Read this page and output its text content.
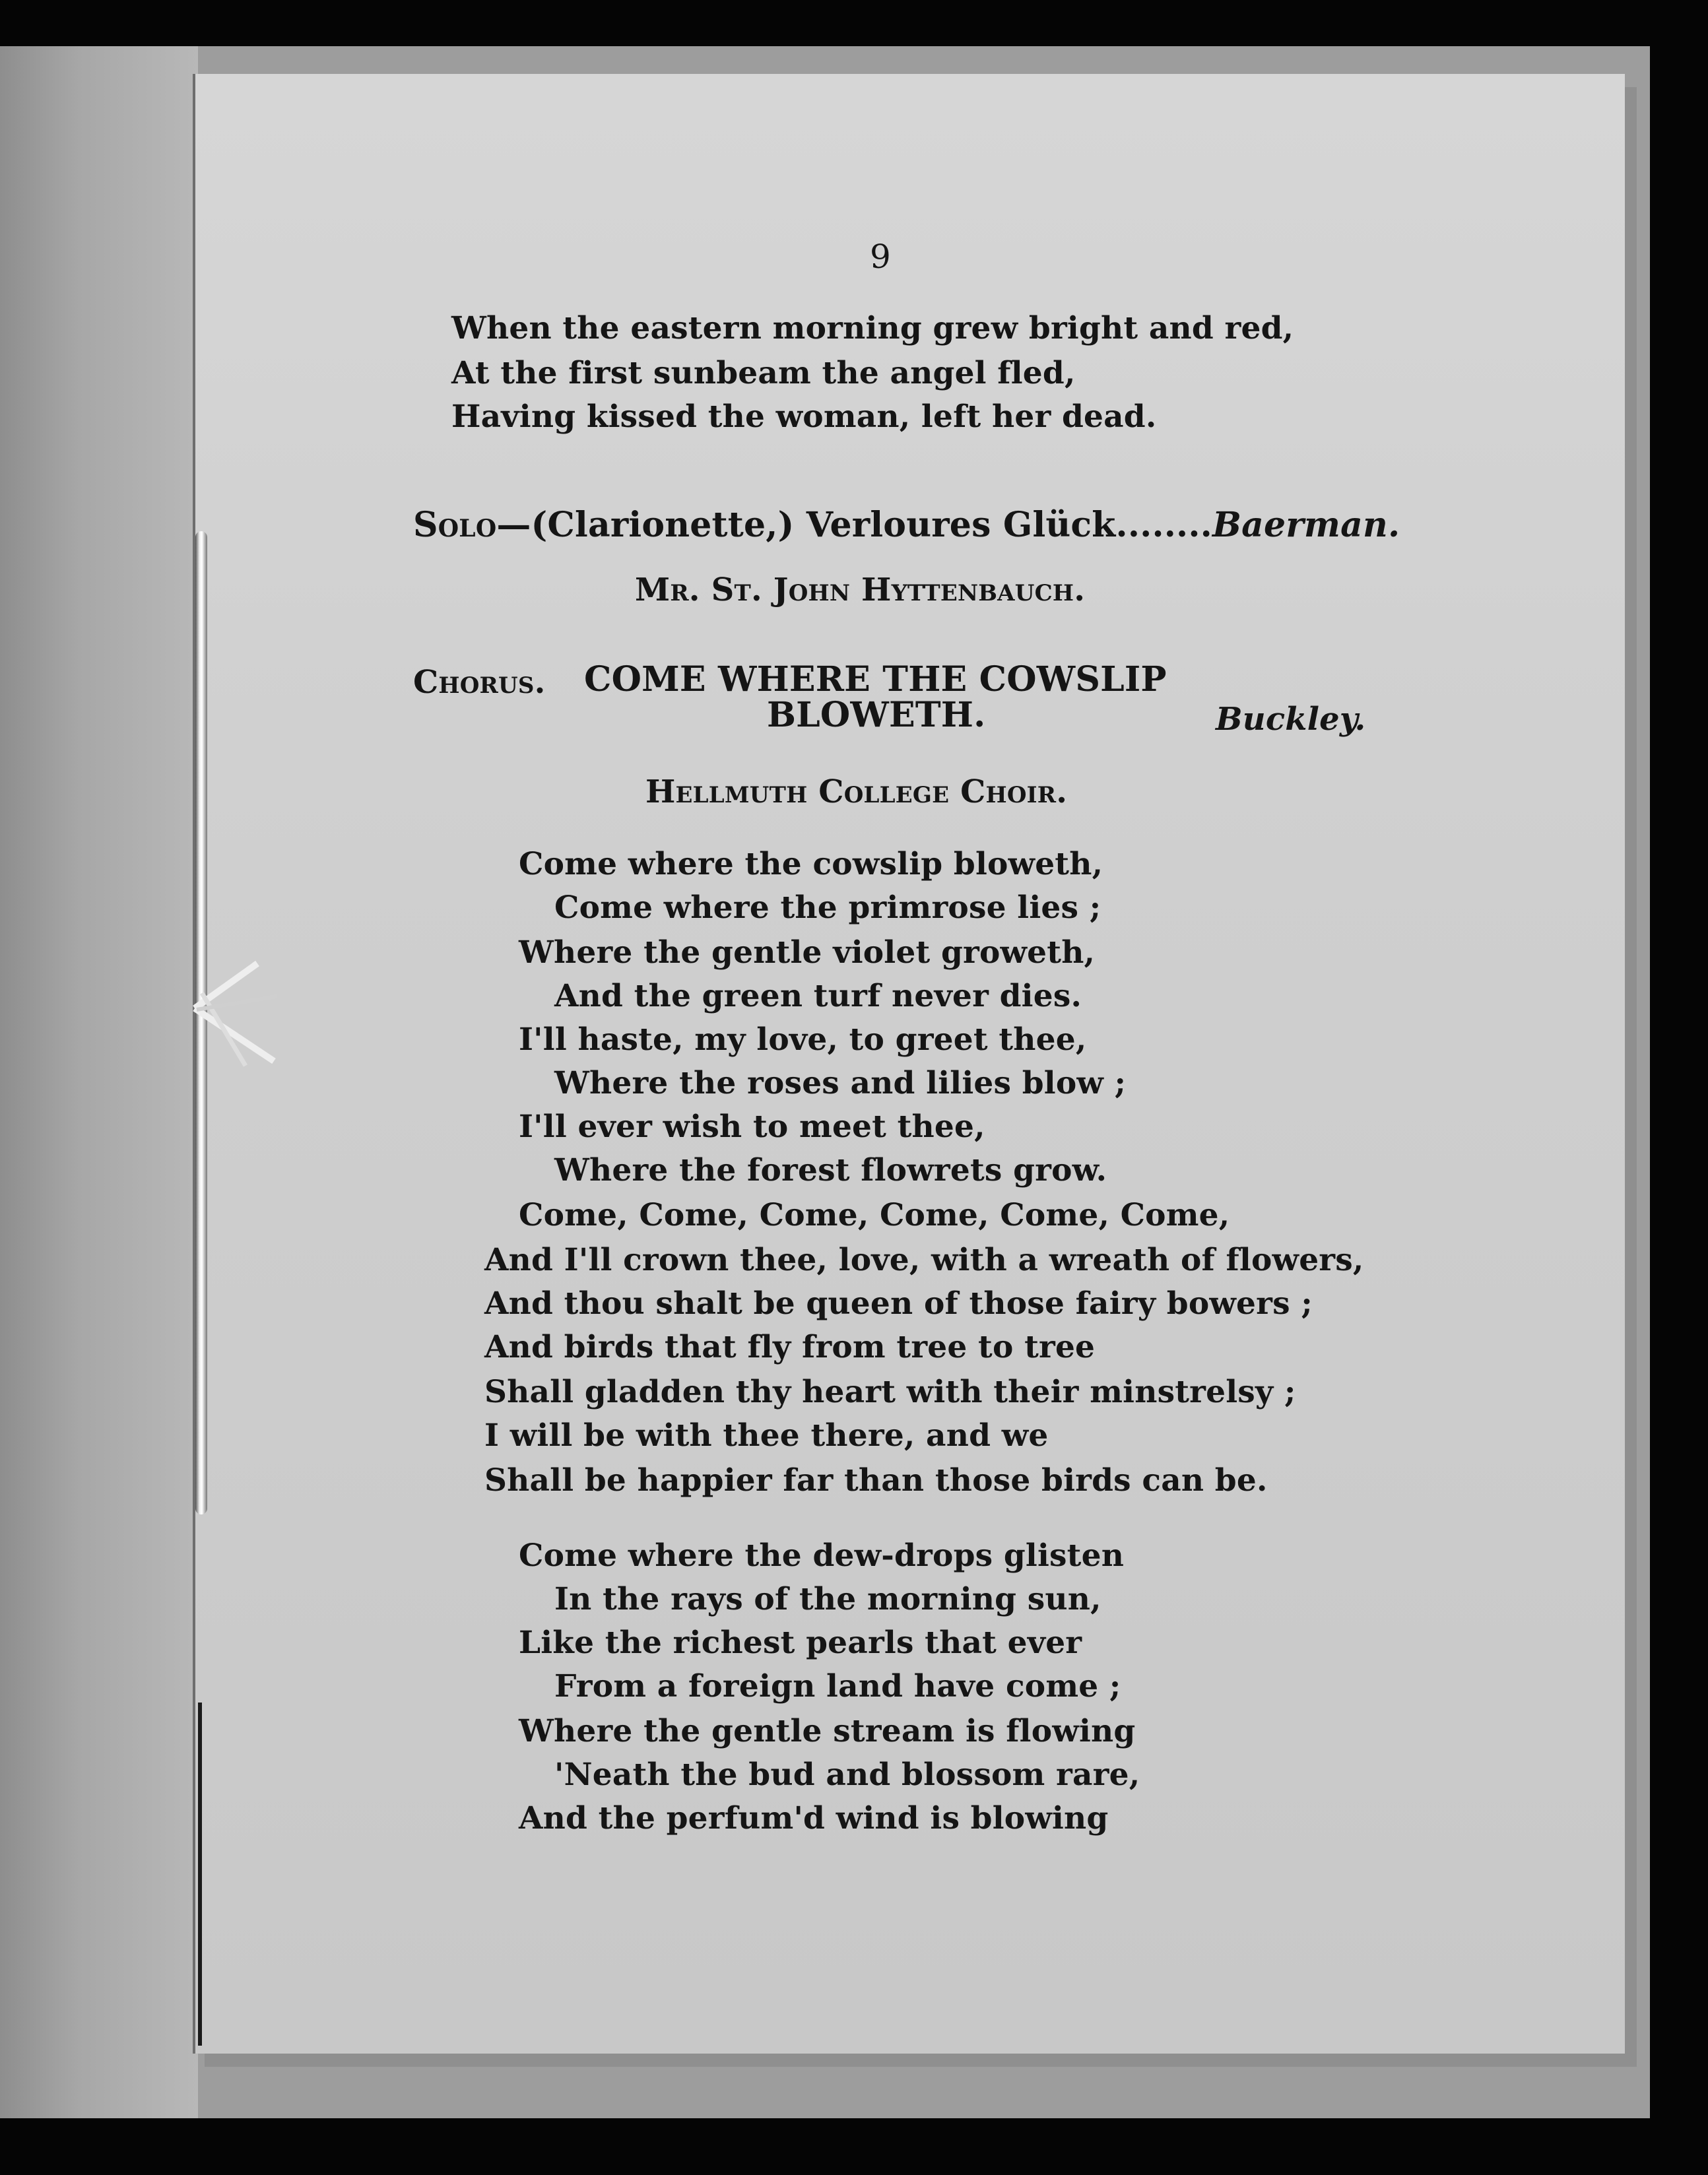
9
When the eastern morning grew bright and red,
At the first sunbeam the angel fled,
Having kissed the woman, left her dead.
Solo—(Clarionette,) Verloures Glück........Baerman.
Mr. St. John Hyttenbauch.
Chorus. COME WHERE THE COWSLIP
BLOWETH.	Buckley.
Hellmuth College Choir.
Come where the cowslip bloweth,
Come where the primrose lies ;
Where the gentle violet groweth,
And the green turf never dies.
I'll haste, my love, to greet thee,
Where the roses and lilies blow ;
I'll ever wish to meet thee,
Where the forest flowrets grow.
Come, Come, Come, Come, Come, Come,
And I'll crown thee, love, with a wreath of flowers,
And thou shalt be queen of those fairy bowers ;
And birds that fly from tree to tree
Shall gladden thy heart with their minstrelsy ;
I will be with thee there, and we
Shall be happier far than those birds can be.
Come where the dew-drops glisten
In the rays of the morning sun,
Like the richest pearls that ever
From a foreign land have come ;
Where the gentle stream is flowing
'Neath the bud and blossom rare,
And the perfum'd wind is blowing
